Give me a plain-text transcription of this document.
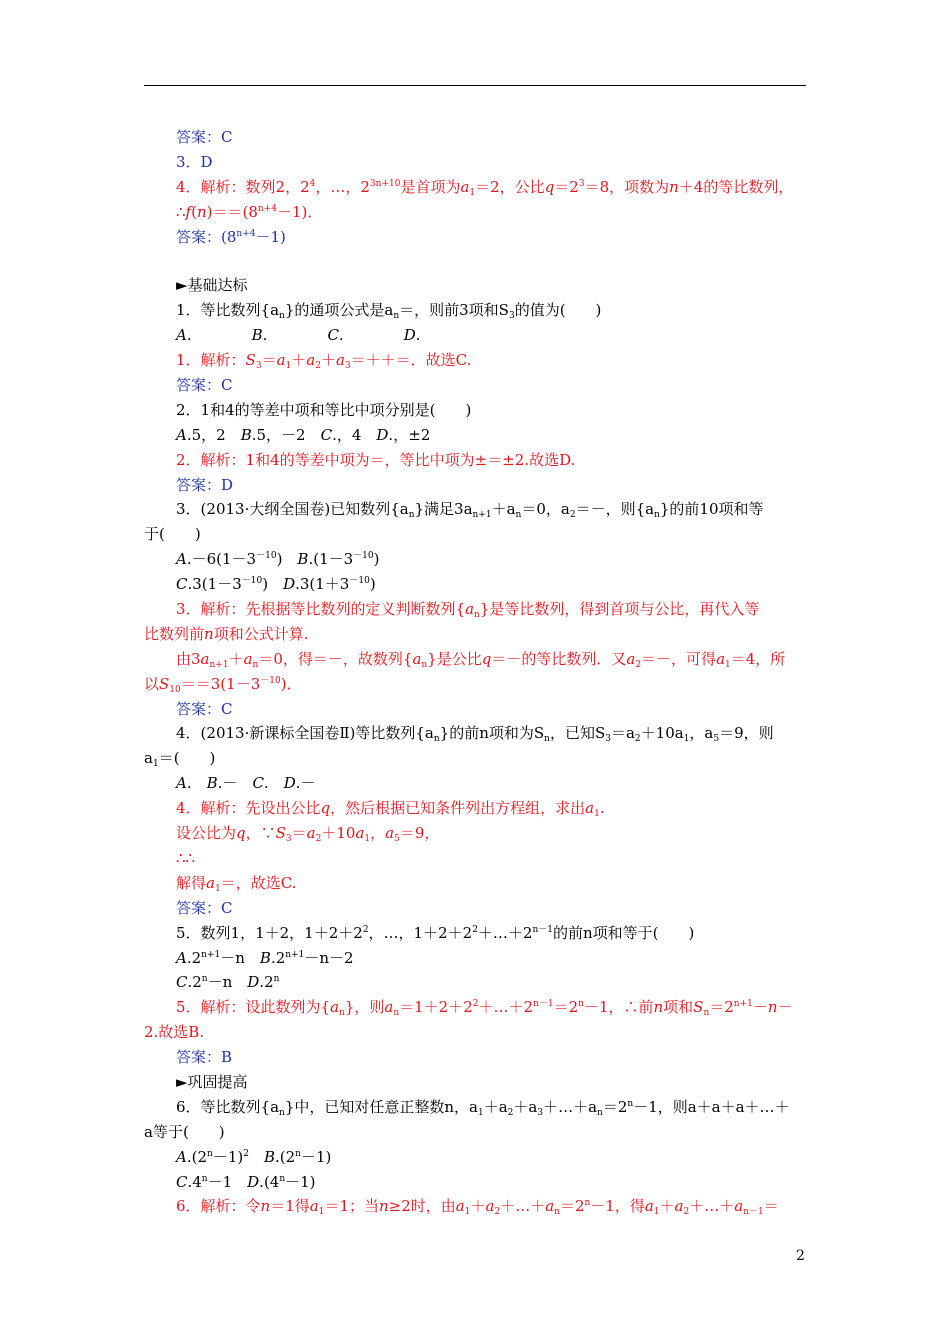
答案：C
3．D
4．解析：数列2，$2^4$，…，$2^{3n+10}$是首项为$a_1=2$，公比$q=2^3=8$，项数为n＋4的等比数列，
$\therefore f(n)==(8^{n+4}-1)$．
答案：$(8^{n+4}-1)$
►基础达标
1．等比数列$\{a_n\}$的通项公式是$a_n=$，则前3项和$S_3$的值为(　　)
A.　　　　B.　　　　C.　　　　D.
1．解析：$S_3=a_1+a_2+a_3=++=$．故选C.
答案：C
2．1和4的等差中项和等比中项分别是(　　)
A.5，2　B.5，－2　C.，4　D.，±2
2．解析：1和4的等差中项为＝，等比中项为±＝±2.故选D.
答案：D
3．(2013·大纲全国卷)已知数列$\{a_n\}$满足$3a_{n+1}+a_n=0$，$a_2=-$，则$\{a_n\}$的前10项和等
于(　　)
$A.-6(1-3^{-10})$　$B.(1-3^{-10})$
$C.3(1-3^{-10})$　$D.3(1+3^{-10})$
3．解析：先根据等比数列的定义判断数列$\{a_n\}$是等比数列，得到首项与公比，再代入等
比数列前n项和公式计算.
由$3a_{n+1}+a_n=0$，得＝－，故数列$\{a_n\}$是公比q＝－的等比数列．又$a_2=-$，可得$a_1=4$，所
以$S_{10}==3(1-3^{-10})$．
答案：C
4．(2013·新课标全国卷Ⅱ)等比数列$\{a_n\}$的前n项和为$S_n$，已知$S_3=a_2+10a_1$，$a_5=9$，则
$a_1=$(　　)
A.　B.－　C.　D.－
4．解析：先设出公比q，然后根据已知条件列出方程组，求出$a_1$.
设公比为q，$\because S_3=a_2+10a_1$，$a_5=9$，
∴∴
解得$a_1=$，故选C.
答案：C
5．数列1，1＋2，$1+2+2^2$，…，$1+2+2^2+\dots+2^{n-1}$的前n项和等于(　　)
$A.2^{n+1}-n$　$B.2^{n+1}-n-2$
$C.2^n-n$　D.2$^n$
5．解析：设此数列为$\{a_n\}$，则$a_n=1+2+2^2+\dots+2^{n-1}=2^n-1$，∴前n项和$S_n=2^{n+1}-n-$
2.故选B.
答案：B
►巩固提高
6．等比数列$\{a_n\}$中，已知对任意正整数n，$a_1+a_2+a_3+\dots+a_n=2^n-1$，则a＋a＋a＋…＋
a等于(　　)
$A.(2^n-1)^2$　 $B.(2^n-1)$
$C.4^n-1$　$D.(4^n-1)$
6．解析：令n＝1得$a_1=1$；当n≥2时，由$a_1+a_2+\dots+a_n=2^n-1$，得$a_1+a_2+\dots+a_{n-1}=$
2
